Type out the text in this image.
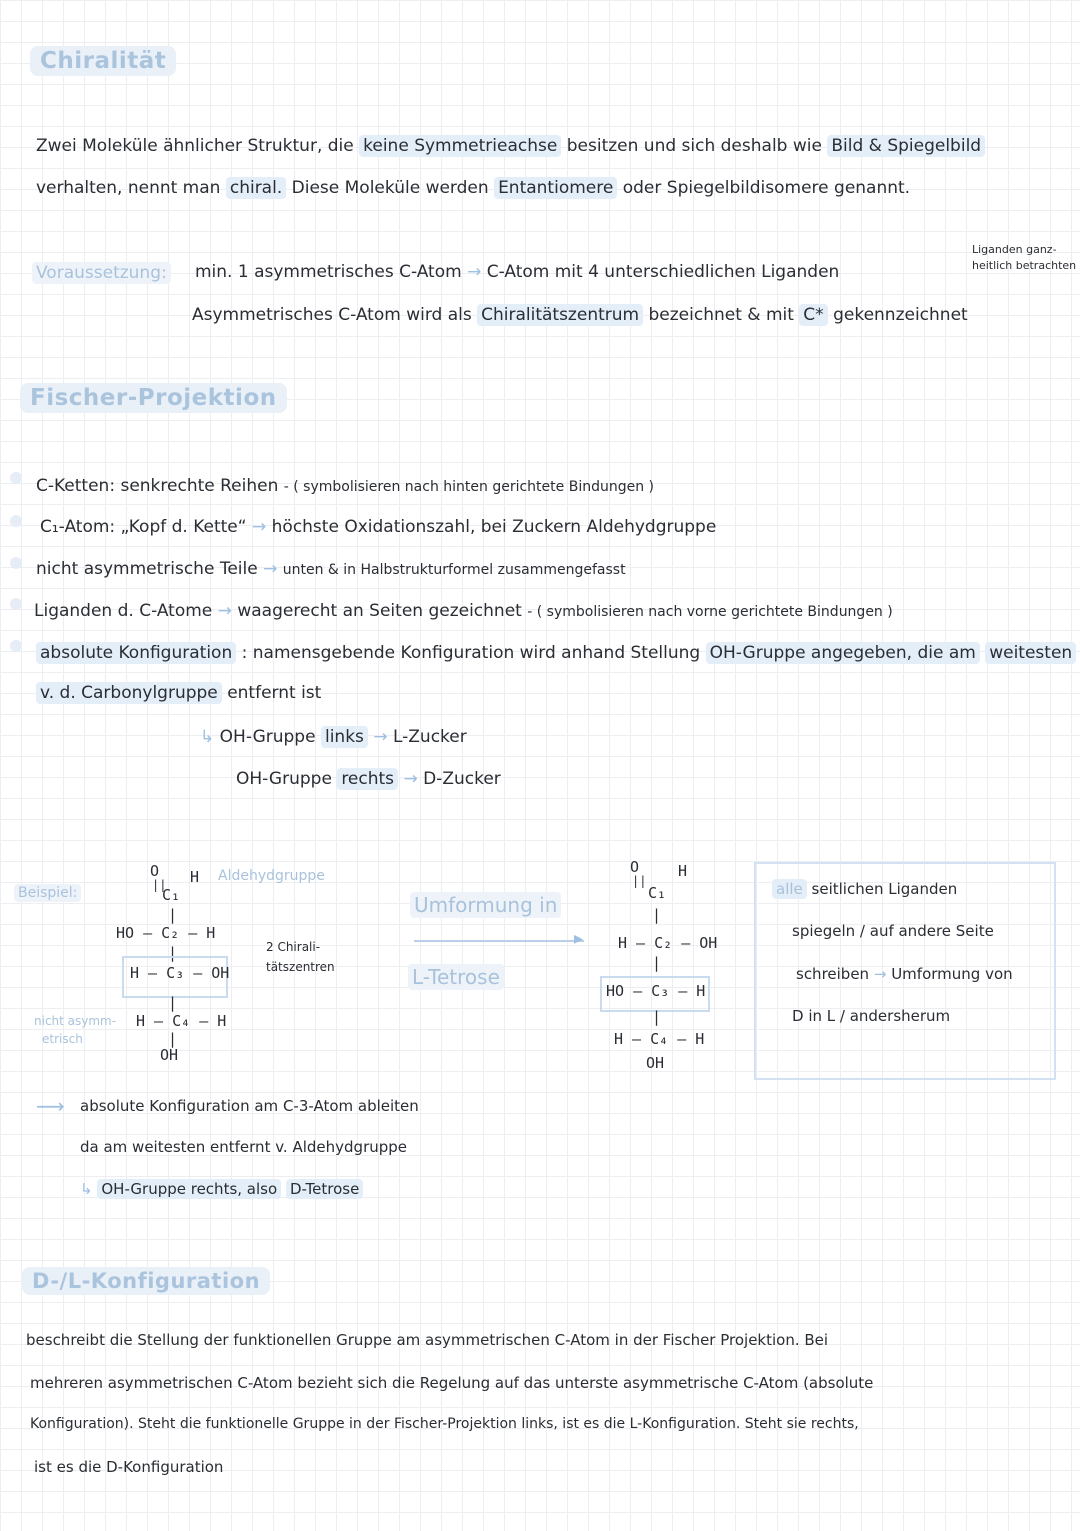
Chiralität
Zwei Moleküle ähnlicher Struktur, die keine Symmetrieachse besitzen und sich deshalb wie Bild & Spiegelbild
verhalten, nennt man chiral. Diese Moleküle werden Entantiomere oder Spiegelbildisomere genannt.
Voraussetzung: min. 1 asymmetrisches C-Atom → C-Atom mit 4 unterschiedlichen Liganden
Liganden ganz-
heitlich betrachten
Asymmetrisches C-Atom wird als Chiralitätszentrum bezeichnet & mit C* gekennzeichnet
Fischer-Projektion
C-Ketten: senkrechte Reihen - ( symbolisieren nach hinten gerichtete Bindungen )
C₁-Atom: „Kopf d. Kette“ → höchste Oxidationszahl, bei Zuckern Aldehydgruppe
nicht asymmetrische Teile → unten & in Halbstrukturformel zusammengefasst
Liganden d. C-Atome → waagerecht an Seiten gezeichnet - ( symbolisieren nach vorne gerichtete Bindungen )
absolute Konfiguration : namensgebende Konfiguration wird anhand Stellung OH-Gruppe angegeben, die am weitesten
v. d. Carbonylgruppe entfernt ist
↳ OH-Gruppe links → L-Zucker
OH-Gruppe rechts → D-Zucker
Beispiel:
O
|| H Aldehydgruppe
C₁
|
HO – C₂ – H
|
H – C₃ – OH
|
H – C₄ – H
|
OH
2 Chirali-
tätszentren
nicht asymm-
etrisch
Umformung in
▸
L-Tetrose
O
||
H
C₁
|
H – C₂ – OH
|
HO – C₃ – H
|
H – C₄ – H
OH
alle seitlichen Liganden
spiegeln / auf andere Seite
schreiben → Umformung von
D in L / andersherum
⟶ absolute Konfiguration am C-3-Atom ableiten
da am weitesten entfernt v. Aldehydgruppe
↳ OH-Gruppe rechts, also D-Tetrose
D-/L-Konfiguration
beschreibt die Stellung der funktionellen Gruppe am asymmetrischen C-Atom in der Fischer Projektion. Bei
mehreren asymmetrischen C-Atom bezieht sich die Regelung auf das unterste asymmetrische C-Atom (absolute
Konfiguration). Steht die funktionelle Gruppe in der Fischer-Projektion links, ist es die L-Konfiguration. Steht sie rechts,
ist es die D-Konfiguration
